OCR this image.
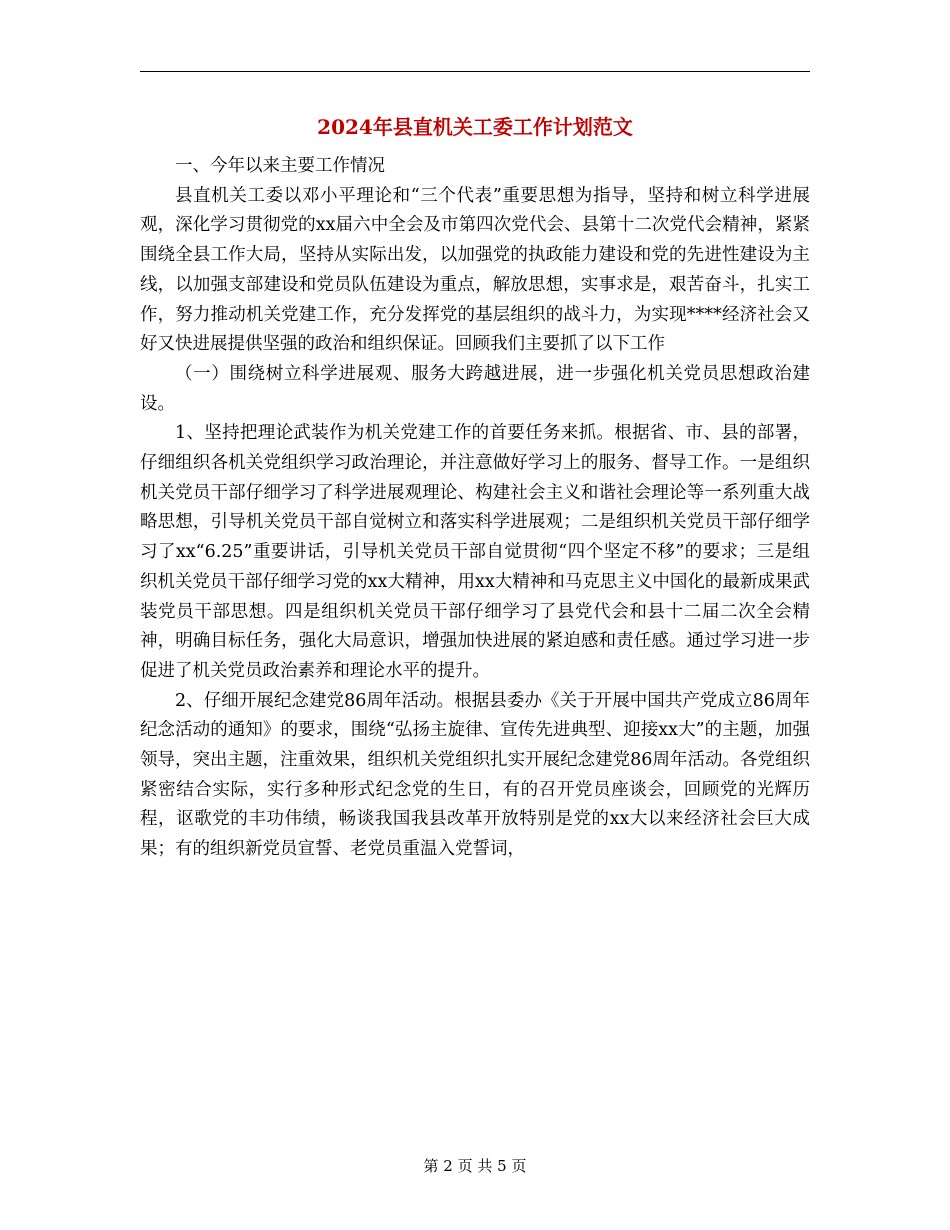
2024年县直机关工委工作计划范文

一、今年以来主要工作情况

县直机关工委以邓小平理论和“三个代表”重要思想为指导，坚持和树立科学进展观，深化学习贯彻党的xx届六中全会及市第四次党代会、县第十二次党代会精神，紧紧围绕全县工作大局，坚持从实际出发，以加强党的执政能力建设和党的先进性建设为主线，以加强支部建设和党员队伍建设为重点，解放思想，实事求是，艰苦奋斗，扎实工作，努力推动机关党建工作，充分发挥党的基层组织的战斗力，为实现****经济社会又好又快进展提供坚强的政治和组织保证。回顾我们主要抓了以下工作

（一）围绕树立科学进展观、服务大跨越进展，进一步强化机关党员思想政治建设。

1、坚持把理论武装作为机关党建工作的首要任务来抓。根据省、市、县的部署，仔细组织各机关党组织学习政治理论，并注意做好学习上的服务、督导工作。一是组织机关党员干部仔细学习了科学进展观理论、构建社会主义和谐社会理论等一系列重大战略思想，引导机关党员干部自觉树立和落实科学进展观；二是组织机关党员干部仔细学习了xx“6.25”重要讲话，引导机关党员干部自觉贯彻“四个坚定不移”的要求；三是组织机关党员干部仔细学习党的xx大精神，用xx大精神和马克思主义中国化的最新成果武装党员干部思想。四是组织机关党员干部仔细学习了县党代会和县十二届二次全会精神，明确目标任务，强化大局意识，增强加快进展的紧迫感和责任感。通过学习进一步促进了机关党员政治素养和理论水平的提升。

2、仔细开展纪念建党86周年活动。根据县委办《关于开展中国共产党成立86周年纪念活动的通知》的要求，围绕“弘扬主旋律、宣传先进典型、迎接xx大”的主题，加强领导，突出主题，注重效果，组织机关党组织扎实开展纪念建党86周年活动。各党组织紧密结合实际，实行多种形式纪念党的生日，有的召开党员座谈会，回顾党的光辉历程，讴歌党的丰功伟绩，畅谈我国我县改革开放特别是党的xx大以来经济社会巨大成果；有的组织新党员宣誓、老党员重温入党誓词，

第 2 页 共 5 页
